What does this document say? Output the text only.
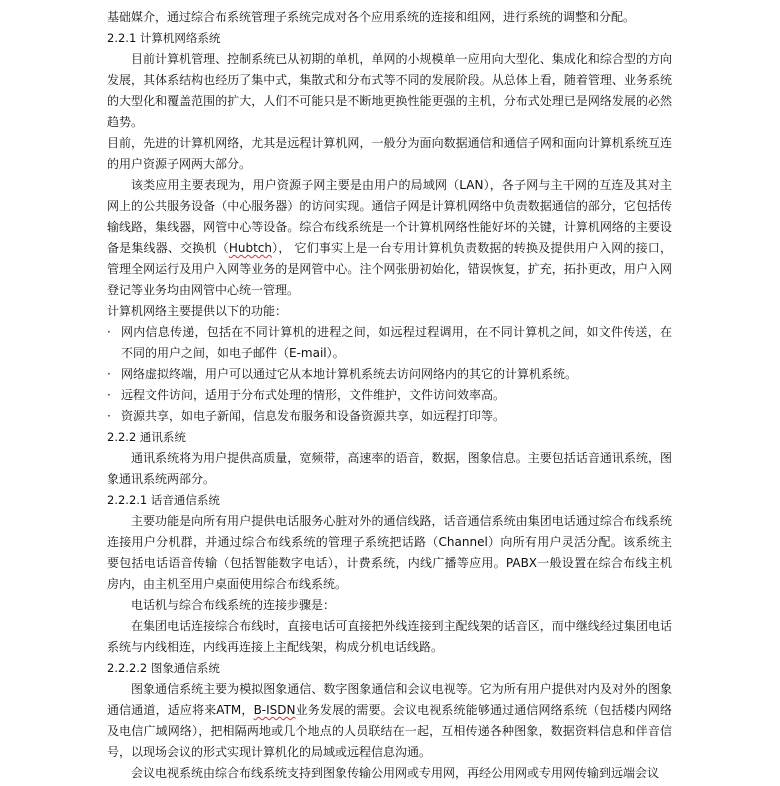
基础媒介，通过综合布系统管理子系统完成对各个应用系统的连接和组网，进行系统的调整和分配。

2.2.1 计算机网络系统

目前计算机管理、控制系统已从初期的单机，单网的小规模单一应用向大型化、集成化和综合型的方向发展，其体系结构也经历了集中式，集散式和分布式等不同的发展阶段。从总体上看，随着管理、业务系统的大型化和覆盖范围的扩大，人们不可能只是不断地更换性能更强的主机，分布式处理已是网络发展的必然趋势。

目前，先进的计算机网络，尤其是远程计算机网，一般分为面向数据通信和通信子网和面向计算机系统互连的用户资源子网两大部分。

该类应用主要表现为，用户资源子网主要是由用户的局域网（LAN），各子网与主干网的互连及其对主网上的公共服务设备（中心服务器）的访问实现。通信子网是计算机网络中负责数据通信的部分，它包括传输线路，集线器，网管中心等设备。综合布线系统是一个计算机网络性能好坏的关键，计算机网络的主要设备是集线器、交换机（Hubtch）， 它们事实上是一台专用计算机负责数据的转换及提供用户入网的接口，管理全网运行及用户入网等业务的是网管中心。注个网张册初始化，错误恢复，扩充，拓扑更改，用户入网登记等业务均由网管中心统一管理。

计算机网络主要提供以下的功能：

· 网内信息传递，包括在不同计算机的进程之间，如远程过程调用，在不同计算机之间，如文件传送，在不同的用户之间，如电子邮件（E-mail）。
· 网络虚拟终端，用户可以通过它从本地计算机系统去访问网络内的其它的计算机系统。
· 远程文件访问，适用于分布式处理的情形，文件维护，文件访问效率高。
· 资源共享，如电子新闻，信息发布服务和设备资源共享，如远程打印等。

2.2.2 通讯系统

通讯系统将为用户提供高质量，宽频带，高速率的语音，数据，图象信息。主要包括话音通讯系统，图象通讯系统两部分。

2.2.2.1 话音通信系统

主要功能是向所有用户提供电话服务心脏对外的通信线路，话音通信系统由集团电话通过综合布线系统连接用户分机群，并通过综合布线系统的管理子系统把话路（Channel）向所有用户灵活分配。该系统主要包括电话语音传输（包括智能数字电话），计费系统，内线广播等应用。PABX一般设置在综合布线主机房内，由主机至用户桌面使用综合布线系统。

电话机与综合布线系统的连接步骤是：

在集团电话连接综合布线时，直接电话可直接把外线连接到主配线架的话音区，而中继线经过集团电话系统与内线相连，内线再连接上主配线架，构成分机电话线路。

2.2.2.2 图象通信系统

图象通信系统主要为模拟图象通信、数字图象通信和会议电视等。它为所有用户提供对内及对外的图象通信通道，适应将来ATM，B-ISDN业务发展的需要。会议电视系统能够通过通信网络系统（包括楼内网络及电信广域网络），把相隔两地或几个地点的人员联结在一起，互相传递各种图象，数据资料信息和伴音信号，以现场会议的形式实现计算机化的局域或远程信息沟通。

会议电视系统由综合布线系统支持到图象传输公用网或专用网，再经公用网或专用网传输到远端会议
